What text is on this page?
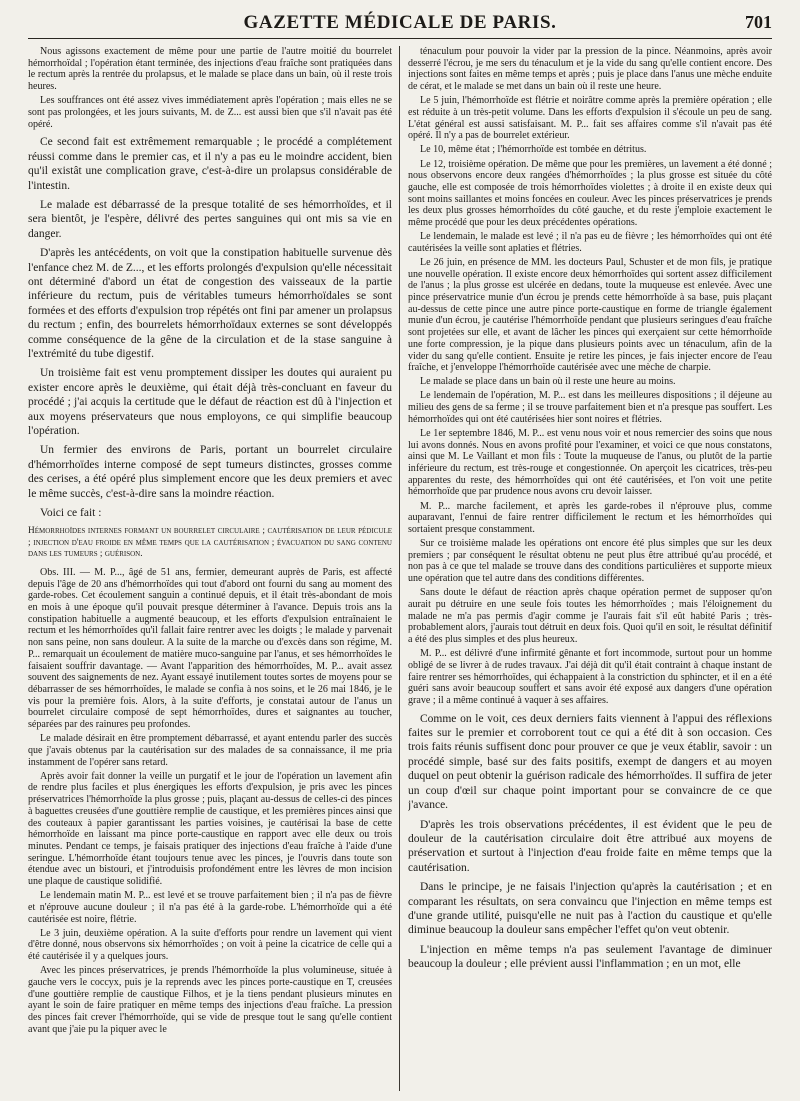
GAZETTE MÉDICALE DE PARIS.	701

Nous agissons exactement de même pour une partie de l'autre moitié du bourrelet hémorrhoïdal ; l'opération étant terminée, des injections d'eau fraîche sont pratiquées dans le rectum après la rentrée du prolapsus, et le malade se place dans un bain, où il reste trois heures.

Les souffrances ont été assez vives immédiatement après l'opération ; mais elles ne se sont pas prolongées, et les jours suivants, M. de Z... est aussi bien que s'il n'avait pas été opéré.

Ce second fait est extrêmement remarquable ; le procédé a complétement réussi comme dans le premier cas, et il n'y a pas eu le moindre accident, bien qu'il existât une complication grave, c'est-à-dire un prolapsus considérable de l'intestin.

Le malade est débarrassé de la presque totalité de ses hémorrhoïdes, et il sera bientôt, je l'espère, délivré des pertes sanguines qui ont mis sa vie en danger.

D'après les antécédents, on voit que la constipation habituelle survenue dès l'enfance chez M. de Z..., et les efforts prolongés d'expulsion qu'elle nécessitait ont déterminé d'abord un état de congestion des vaisseaux de la partie inférieure du rectum, puis de véritables tumeurs hémorrhoïdales se sont formées et des efforts d'expulsion trop répétés ont fini par amener un prolapsus du rectum ; enfin, des bourrelets hémorrhoïdaux externes se sont développés comme conséquence de la gêne de la circulation et de la stase sanguine à l'extrémité du tube digestif.

Un troisième fait est venu promptement dissiper les doutes qui auraient pu exister encore après le deuxième, qui était déjà très-concluant en faveur du procédé ; j'ai acquis la certitude que le défaut de réaction est dû à l'injection et aux moyens préservateurs que nous employons, ce qui simplifie beaucoup l'opération.

Un fermier des environs de Paris, portant un bourrelet circulaire d'hémorrhoïdes interne composé de sept tumeurs distinctes, grosses comme des cerises, a été opéré plus simplement encore que les deux premiers et avec le même succès, c'est-à-dire sans la moindre réaction.

Voici ce fait :

Hémorrhoïdes internes formant un bourrelet circulaire ; cautérisation de leur pédicule ; injection d'eau froide en même temps que la cautérisation ; évacuation du sang contenu dans les tumeurs ; guérison.

Obs. III. — M. P..., âgé de 51 ans, fermier, demeurant auprès de Paris, est affecté depuis l'âge de 20 ans d'hémorrhoïdes qui tout d'abord ont fourni du sang au moment des garde-robes. Cet écoulement sanguin a continué depuis, et il était très-abondant de mois en mois à une époque qu'il pouvait presque déterminer à l'avance. Depuis trois ans la constipation habituelle a augmenté beaucoup, et les efforts d'expulsion entraînaient le rectum et les hémorrhoïdes qu'il fallait faire rentrer avec les doigts ; le malade y parvenait non sans peine, non sans douleur. A la suite de la marche ou d'excès dans son régime, M. P... remarquait un écoulement de matière muco-sanguine par l'anus, et ses hémorrhoïdes le faisaient souffrir davantage. — Avant l'apparition des hémorrhoïdes, M. P... avait assez souvent des saignements de nez. Ayant essayé inutilement toutes sortes de moyens pour se débarrasser de ses hémorrhoïdes, le malade se confia à nos soins, et le 26 mai 1846, je le vis pour la première fois. Alors, à la suite d'efforts, je constatai autour de l'anus un bourrelet circulaire composé de sept hémorrhoïdes, dures et saignantes au toucher, séparées par des rainures peu profondes.

Le malade désirait en être promptement débarrassé, et ayant entendu parler des succès que j'avais obtenus par la cautérisation sur des malades de sa connaissance, il me pria instamment de l'opérer sans retard.

Après avoir fait donner la veille un purgatif et le jour de l'opération un lavement afin de rendre plus faciles et plus énergiques les efforts d'expulsion, je pris avec les pinces préservatrices l'hémorrhoïde la plus grosse ; puis, plaçant au-dessus de celles-ci des pinces à baguettes creusées d'une gouttière remplie de caustique, et les premières pinces ainsi que des couteaux à papier garantissant les parties voisines, je cautérisai la base de cette hémorrhoïde en laissant ma pince porte-caustique en rapport avec elle deux ou trois minutes. Pendant ce temps, je faisais pratiquer des injections d'eau fraîche à l'aide d'une seringue. L'hémorrhoïde étant toujours tenue avec les pinces, je l'ouvris dans toute son étendue avec un bistouri, et j'introduisis profondément entre les lèvres de mon incision une plaque de caustique solidifié.

Le lendemain matin M. P... est levé et se trouve parfaitement bien ; il n'a pas de fièvre et n'éprouve aucune douleur ; il n'a pas été à la garde-robe. L'hémorrhoïde qui a été cautérisée est noire, flétrie.

Le 3 juin, deuxième opération. A la suite d'efforts pour rendre un lavement qui vient d'être donné, nous observons six hémorrhoïdes ; on voit à peine la cicatrice de celle qui a été cautérisée il y a quelques jours.

Avec les pinces préservatrices, je prends l'hémorrhoïde la plus volumineuse, située à gauche vers le coccyx, puis je la reprends avec les pinces porte-caustique en T, creusées d'une gouttière remplie de caustique Filhos, et je la tiens pendant plusieurs minutes en ayant le soin de faire pratiquer en même temps des injections d'eau fraîche. La pression des pinces fait crever l'hémorrhoïde, qui se vide de presque tout le sang qu'elle contient avant que j'aie pu la piquer avec le

ténaculum pour pouvoir la vider par la pression de la pince. Néanmoins, après avoir desserré l'écrou, je me sers du ténaculum et je la vide du sang qu'elle contient encore. Des injections sont faites en même temps et après ; puis je place dans l'anus une mèche enduite de cérat, et le malade se met dans un bain où il reste une heure.

Le 5 juin, l'hémorrhoïde est flétrie et noirâtre comme après la première opération ; elle est réduite à un très-petit volume. Dans les efforts d'expulsion il s'écoule un peu de sang. L'état général est aussi satisfaisant. M. P... fait ses affaires comme s'il n'avait pas été opéré. Il n'y a pas de bourrelet extérieur.

Le 10, même état ; l'hémorrhoïde est tombée en détritus.

Le 12, troisième opération. De même que pour les premières, un lavement a été donné ; nous observons encore deux rangées d'hémorrhoïdes ; la plus grosse est située du côté gauche, elle est composée de trois hémorrhoïdes violettes ; à droite il en existe deux qui sont moins saillantes et moins foncées en couleur. Avec les pinces préservatrices je prends les deux plus grosses hémorrhoïdes du côté gauche, et du reste j'emploie exactement le même procédé que pour les deux précédentes opérations.

Le lendemain, le malade est levé ; il n'a pas eu de fièvre ; les hémorrhoïdes qui ont été cautérisées la veille sont aplaties et flétries.

Le 26 juin, en présence de MM. les docteurs Paul, Schuster et de mon fils, je pratique une nouvelle opération. Il existe encore deux hémorrhoïdes qui sortent assez difficilement de l'anus ; la plus grosse est ulcérée en dedans, toute la muqueuse est enlevée. Avec une pince préservatrice munie d'un écrou je prends cette hémorrhoïde à sa base, puis plaçant au-dessus de cette pince une autre pince porte-caustique en forme de triangle également munie d'un écrou, je cautérise l'hémorrhoïde pendant que plusieurs seringues d'eau fraîche sont projetées sur elle, et avant de lâcher les pinces qui exerçaient sur cette hémorrhoïde une forte compression, je la pique dans plusieurs points avec un ténaculum, afin de la vider du sang qu'elle contient. Ensuite je retire les pinces, je fais injecter encore de l'eau fraîche, et j'enveloppe l'hémorrhoïde cautérisée avec une mèche de charpie.

Le malade se place dans un bain où il reste une heure au moins.

Le lendemain de l'opération, M. P... est dans les meilleures dispositions ; il déjeune au milieu des gens de sa ferme ; il se trouve parfaitement bien et n'a presque pas souffert. Les hémorrhoïdes qui ont été cautérisées hier sont noires et flétries.

Le 1er septembre 1846, M. P... est venu nous voir et nous remercier des soins que nous lui avons donnés. Nous en avons profité pour l'examiner, et voici ce que nous constatons, ainsi que M. Le Vaillant et mon fils : Toute la muqueuse de l'anus, ou plutôt de la partie inférieure du rectum, est très-rouge et congestionnée. On aperçoit les cicatrices, très-peu apparentes du reste, des hémorrhoïdes qui ont été cautérisées, et l'on voit une petite hémorrhoïde que par prudence nous avons cru devoir laisser.

M. P... marche facilement, et après les garde-robes il n'éprouve plus, comme auparavant, l'ennui de faire rentrer difficilement le rectum et les hémorrhoïdes qui sortaient presque constamment.

Sur ce troisième malade les opérations ont encore été plus simples que sur les deux premiers ; par conséquent le résultat obtenu ne peut plus être attribué qu'au procédé, et non pas à ce que tel malade se trouve dans des conditions particulières et supporte mieux une opération que tel autre dans des conditions différentes.

Sans doute le défaut de réaction après chaque opération permet de supposer qu'on aurait pu détruire en une seule fois toutes les hémorrhoïdes ; mais l'éloignement du malade ne m'a pas permis d'agir comme je l'aurais fait s'il eût habité Paris ; très-probablement alors, j'aurais tout détruit en deux fois. Quoi qu'il en soit, le résultat définitif a été des plus simples et des plus heureux.

M. P... est délivré d'une infirmité gênante et fort incommode, surtout pour un homme obligé de se livrer à de rudes travaux. J'ai déjà dit qu'il était contraint à chaque instant de faire rentrer ses hémorrhoïdes, qui échappaient à la constriction du sphincter, et il en a été guéri sans avoir beaucoup souffert et sans avoir été exposé aux dangers d'une opération grave ; il a même continué à vaquer à ses affaires.

Comme on le voit, ces deux derniers faits viennent à l'appui des réflexions faites sur le premier et corroborent tout ce qui a été dit à son occasion. Ces trois faits réunis suffisent donc pour prouver ce que je veux établir, savoir : un procédé simple, basé sur des faits positifs, exempt de dangers et au moyen duquel on peut obtenir la guérison radicale des hémorrhoïdes. Il suffira de jeter un coup d'œil sur chaque point important pour se convaincre de ce que j'avance.

D'après les trois observations précédentes, il est évident que le peu de douleur de la cautérisation circulaire doit être attribué aux moyens de préservation et surtout à l'injection d'eau froide faite en même temps que la cautérisation.

Dans le principe, je ne faisais l'injection qu'après la cautérisation ; et en comparant les résultats, on sera convaincu que l'injection en même temps est d'une grande utilité, puisqu'elle ne nuit pas à l'action du caustique et qu'elle diminue beaucoup la douleur sans empêcher l'effet qu'on veut obtenir.

L'injection en même temps n'a pas seulement l'avantage de diminuer beaucoup la douleur ; elle prévient aussi l'inflammation ; en un mot, elle
